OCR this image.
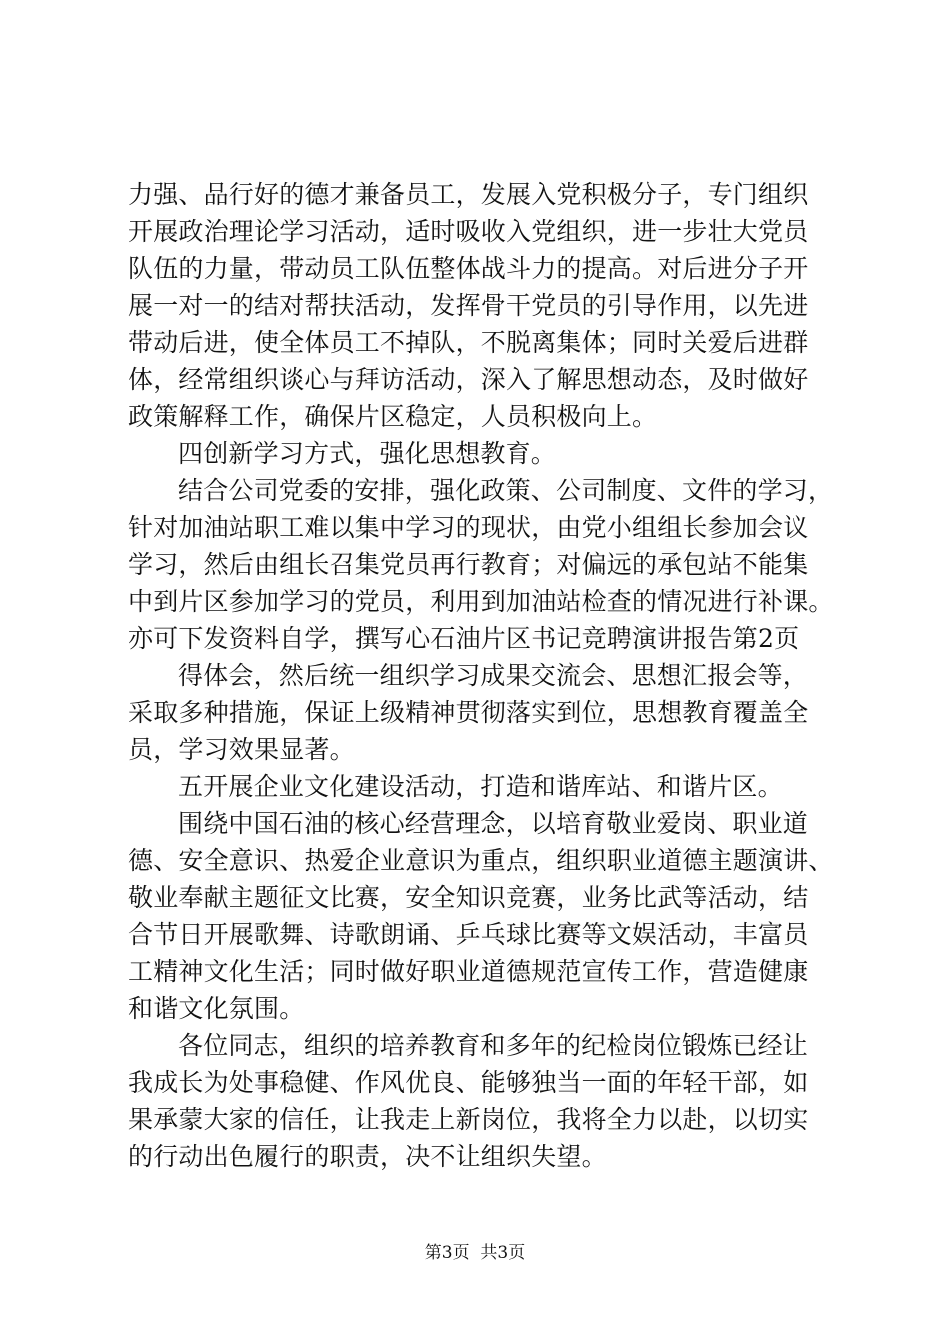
力强、品行好的德才兼备员工，发展入党积极分子，专门组织
开展政治理论学习活动，适时吸收入党组织，进一步壮大党员
队伍的力量，带动员工队伍整体战斗力的提高。对后进分子开
展一对一的结对帮扶活动，发挥骨干党员的引导作用，以先进
带动后进，使全体员工不掉队，不脱离集体；同时关爱后进群
体，经常组织谈心与拜访活动，深入了解思想动态，及时做好
政策解释工作，确保片区稳定，人员积极向上。
四创新学习方式，强化思想教育。
结合公司党委的安排，强化政策、公司制度、文件的学习，
针对加油站职工难以集中学习的现状，由党小组组长参加会议
学习，然后由组长召集党员再行教育；对偏远的承包站不能集
中到片区参加学习的党员，利用到加油站检查的情况进行补课。
亦可下发资料自学，撰写心石油片区书记竞聘演讲报告第2页
得体会，然后统一组织学习成果交流会、思想汇报会等，
采取多种措施，保证上级精神贯彻落实到位，思想教育覆盖全
员，学习效果显著。
五开展企业文化建设活动，打造和谐库站、和谐片区。
围绕中国石油的核心经营理念，以培育敬业爱岗、职业道
德、安全意识、热爱企业意识为重点，组织职业道德主题演讲、
敬业奉献主题征文比赛，安全知识竞赛，业务比武等活动，结
合节日开展歌舞、诗歌朗诵、乒乓球比赛等文娱活动，丰富员
工精神文化生活；同时做好职业道德规范宣传工作，营造健康
和谐文化氛围。
各位同志，组织的培养教育和多年的纪检岗位锻炼已经让
我成长为处事稳健、作风优良、能够独当一面的年轻干部，如
果承蒙大家的信任，让我走上新岗位，我将全力以赴，以切实
的行动出色履行的职责，决不让组织失望。
第3页  共3页
